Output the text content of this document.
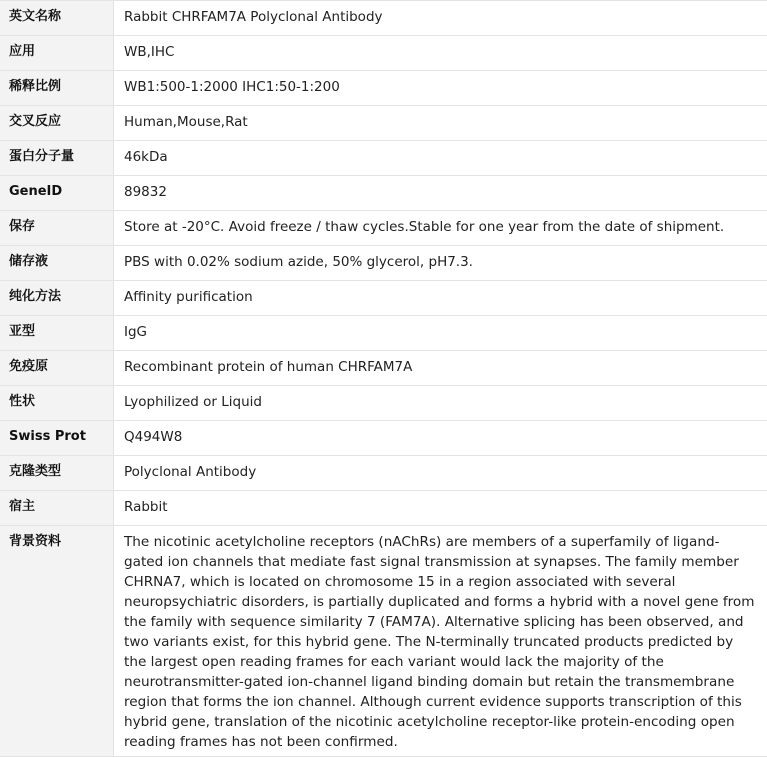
英文名称	Rabbit CHRFAM7A Polyclonal Antibody

应用	WB,IHC

稀释比例	WB1:500-1:2000 IHC1:50-1:200

交叉反应	Human,Mouse,Rat

蛋白分子量	46kDa

GeneID	89832

保存	Store at -20°C. Avoid freeze / thaw cycles.Stable for one year from the date of shipment.

储存液	PBS with 0.02% sodium azide, 50% glycerol, pH7.3.

纯化方法	Affinity purification

亚型	IgG

免疫原	Recombinant protein of human CHRFAM7A

性状	Lyophilized or Liquid

Swiss Prot	Q494W8

克隆类型	Polyclonal Antibody

宿主	Rabbit

背景资料	The nicotinic acetylcholine receptors (nAChRs) are members of a superfamily of ligand-gated ion channels that mediate fast signal transmission at synapses. The family member CHRNA7, which is located on chromosome 15 in a region associated with several neuropsychiatric disorders, is partially duplicated and forms a hybrid with a novel gene from the family with sequence similarity 7 (FAM7A). Alternative splicing has been observed, and two variants exist, for this hybrid gene. The N-terminally truncated products predicted by the largest open reading frames for each variant would lack the majority of the neurotransmitter-gated ion-channel ligand binding domain but retain the transmembrane region that forms the ion channel. Although current evidence supports transcription of this hybrid gene, translation of the nicotinic acetylcholine receptor-like protein-encoding open reading frames has not been confirmed.
